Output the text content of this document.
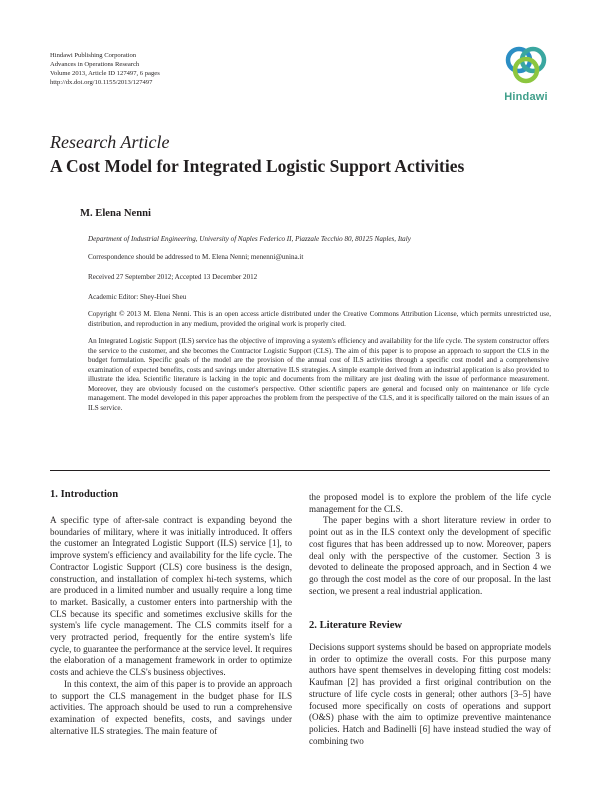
Hindawi Publishing Corporation
Advances in Operations Research
Volume 2013, Article ID 127497, 6 pages
http://dx.doi.org/10.1155/2013/127497
Hindawi
Research Article
A Cost Model for Integrated Logistic Support Activities
M. Elena Nenni
Department of Industrial Engineering, University of Naples Federico II, Piazzale Tecchio 80, 80125 Naples, Italy
Correspondence should be addressed to M. Elena Nenni; menenni@unina.it
Received 27 September 2012; Accepted 13 December 2012
Academic Editor: Shey-Huei Sheu
Copyright © 2013 M. Elena Nenni. This is an open access article distributed under the Creative Commons Attribution License, which permits unrestricted use, distribution, and reproduction in any medium, provided the original work is properly cited.
An Integrated Logistic Support (ILS) service has the objective of improving a system's efficiency and availability for the life cycle. The system constructor offers the service to the customer, and she becomes the Contractor Logistic Support (CLS). The aim of this paper is to propose an approach to support the CLS in the budget formulation. Specific goals of the model are the provision of the annual cost of ILS activities through a specific cost model and a comprehensive examination of expected benefits, costs and savings under alternative ILS strategies. A simple example derived from an industrial application is also provided to illustrate the idea. Scientific literature is lacking in the topic and documents from the military are just dealing with the issue of performance measurement. Moreover, they are obviously focused on the customer's perspective. Other scientific papers are general and focused only on maintenance or life cycle management. The model developed in this paper approaches the problem from the perspective of the CLS, and it is specifically tailored on the main issues of an ILS service.
1. Introduction

A specific type of after-sale contract is expanding beyond the boundaries of military, where it was initially introduced. It offers the customer an Integrated Logistic Support (ILS) service [1], to improve system's efficiency and availability for the life cycle. The Contractor Logistic Support (CLS) core business is the design, construction, and installation of complex hi-tech systems, which are produced in a limited number and usually require a long time to market. Basically, a customer enters into partnership with the CLS because its specific and sometimes exclusive skills for the system's life cycle management. The CLS commits itself for a very protracted period, frequently for the entire system's life cycle, to guarantee the performance at the service level. It requires the elaboration of a management framework in order to optimize costs and achieve the CLS's business objectives.

In this context, the aim of this paper is to provide an approach to support the CLS management in the budget phase for ILS activities. The approach should be used to run a comprehensive examination of expected benefits, costs, and savings under alternative ILS strategies. The main feature of

the proposed model is to explore the problem of the life cycle management for the CLS.

The paper begins with a short literature review in order to point out as in the ILS context only the development of specific cost figures that has been addressed up to now. Moreover, papers deal only with the perspective of the customer. Section 3 is devoted to delineate the proposed approach, and in Section 4 we go through the cost model as the core of our proposal. In the last section, we present a real industrial application.

2. Literature Review

Decisions support systems should be based on appropriate models in order to optimize the overall costs. For this purpose many authors have spent themselves in developing fitting cost models: Kaufman [2] has provided a first original contribution on the structure of life cycle costs in general; other authors [3–5] have focused more specifically on costs of operations and support (O&S) phase with the aim to optimize preventive maintenance policies. Hatch and Badinelli [6] have instead studied the way of combining two
